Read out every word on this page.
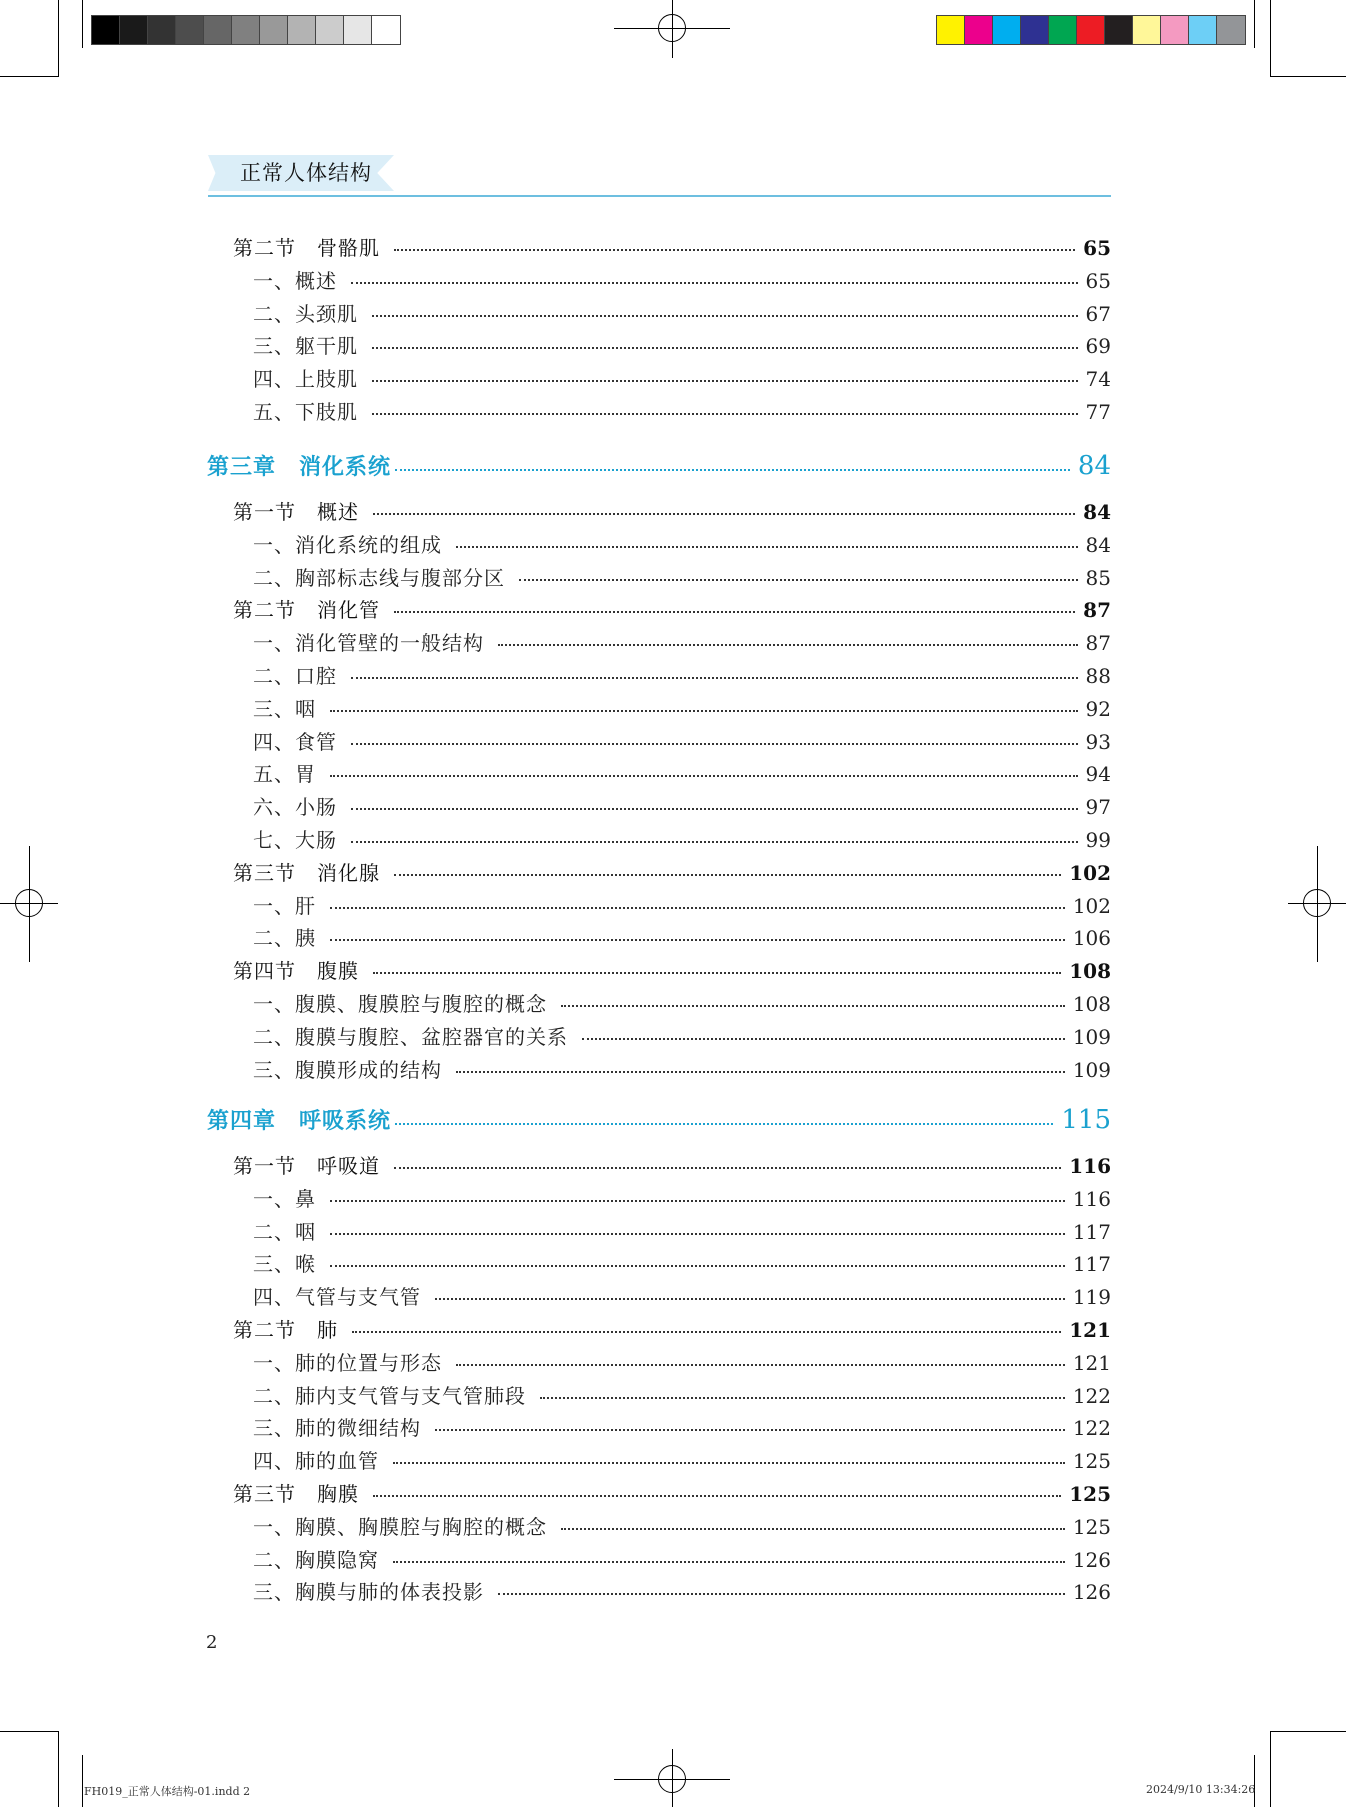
正常人体结构
第二节　骨骼肌	65
一、概述	65
二、头颈肌	67
三、躯干肌	69
四、上肢肌	74
五、下肢肌	77
第三章　消化系统	84
第一节　概述	84
一、消化系统的组成	84
二、胸部标志线与腹部分区	85
第二节　消化管	87
一、消化管壁的一般结构	87
二、口腔	88
三、咽	92
四、食管	93
五、胃	94
六、小肠	97
七、大肠	99
第三节　消化腺	102
一、肝	102
二、胰	106
第四节　腹膜	108
一、腹膜、腹膜腔与腹腔的概念	108
二、腹膜与腹腔、盆腔器官的关系	109
三、腹膜形成的结构	109
第四章　呼吸系统	115
第一节　呼吸道	116
一、鼻	116
二、咽	117
三、喉	117
四、气管与支气管	119
第二节　肺	121
一、肺的位置与形态	121
二、肺内支气管与支气管肺段	122
三、肺的微细结构	122
四、肺的血管	125
第三节　胸膜	125
一、胸膜、胸膜腔与胸腔的概念	125
二、胸膜隐窝	126
三、胸膜与肺的体表投影	126
2
FH019_正常人体结构-01.indd 2	2024/9/10 13:34:26
